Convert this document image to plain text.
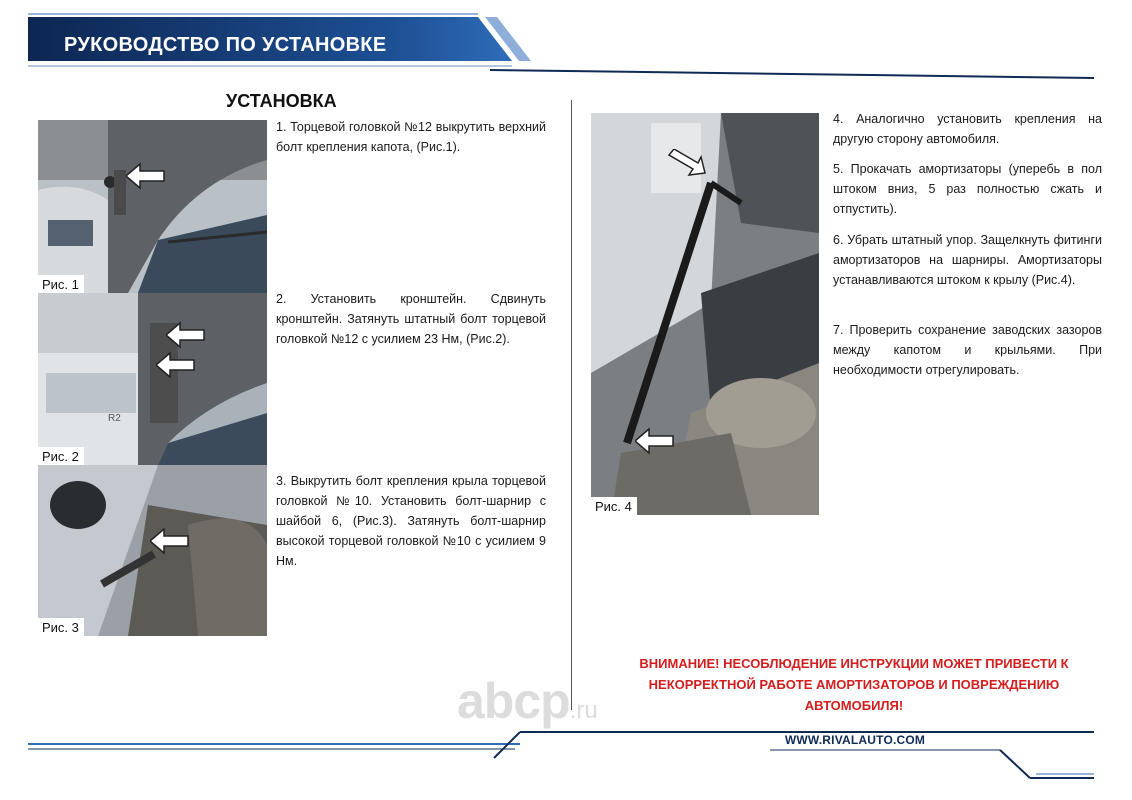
РУКОВОДСТВО ПО УСТАНОВКЕ
УСТАНОВКА
Рис. 1
R2
Рис. 2
Рис. 3
Рис. 4
1. Торцевой головкой №12 выкрутить верхний болт крепления капота, (Рис.1).
2. Установить кронштейн. Сдвинуть кронштейн. Затянуть штатный болт торцевой головкой №12 с усилием 23 Нм, (Рис.2).
3. Выкрутить болт крепления крыла торцевой головкой №10. Установить болт-шарнир с шайбой 6, (Рис.3). Затянуть болт-шарнир высокой торцевой головкой №10 с усилием 9 Нм.
4. Аналогично установить крепления на другую сторону автомобиля.
5. Прокачать амортизаторы (уперебь в пол штоком вниз, 5 раз полностью сжать и отпустить).
6. Убрать штатный упор. Защелкнуть фитинги амортизаторов на шарниры. Амортизаторы устанавливаются штоком к крылу (Рис.4).
7. Проверить сохранение заводских зазоров между капотом и крыльями. При необходимости отрегулировать.
ВНИМАНИЕ! НЕСОБЛЮДЕНИЕ ИНСТРУКЦИИ МОЖЕТ ПРИВЕСТИ К НЕКОРРЕКТНОЙ РАБОТЕ АМОРТИЗАТОРОВ И ПОВРЕЖДЕНИЮ АВТОМОБИЛЯ!
abcp.ru
WWW.RIVALAUTO.COM
